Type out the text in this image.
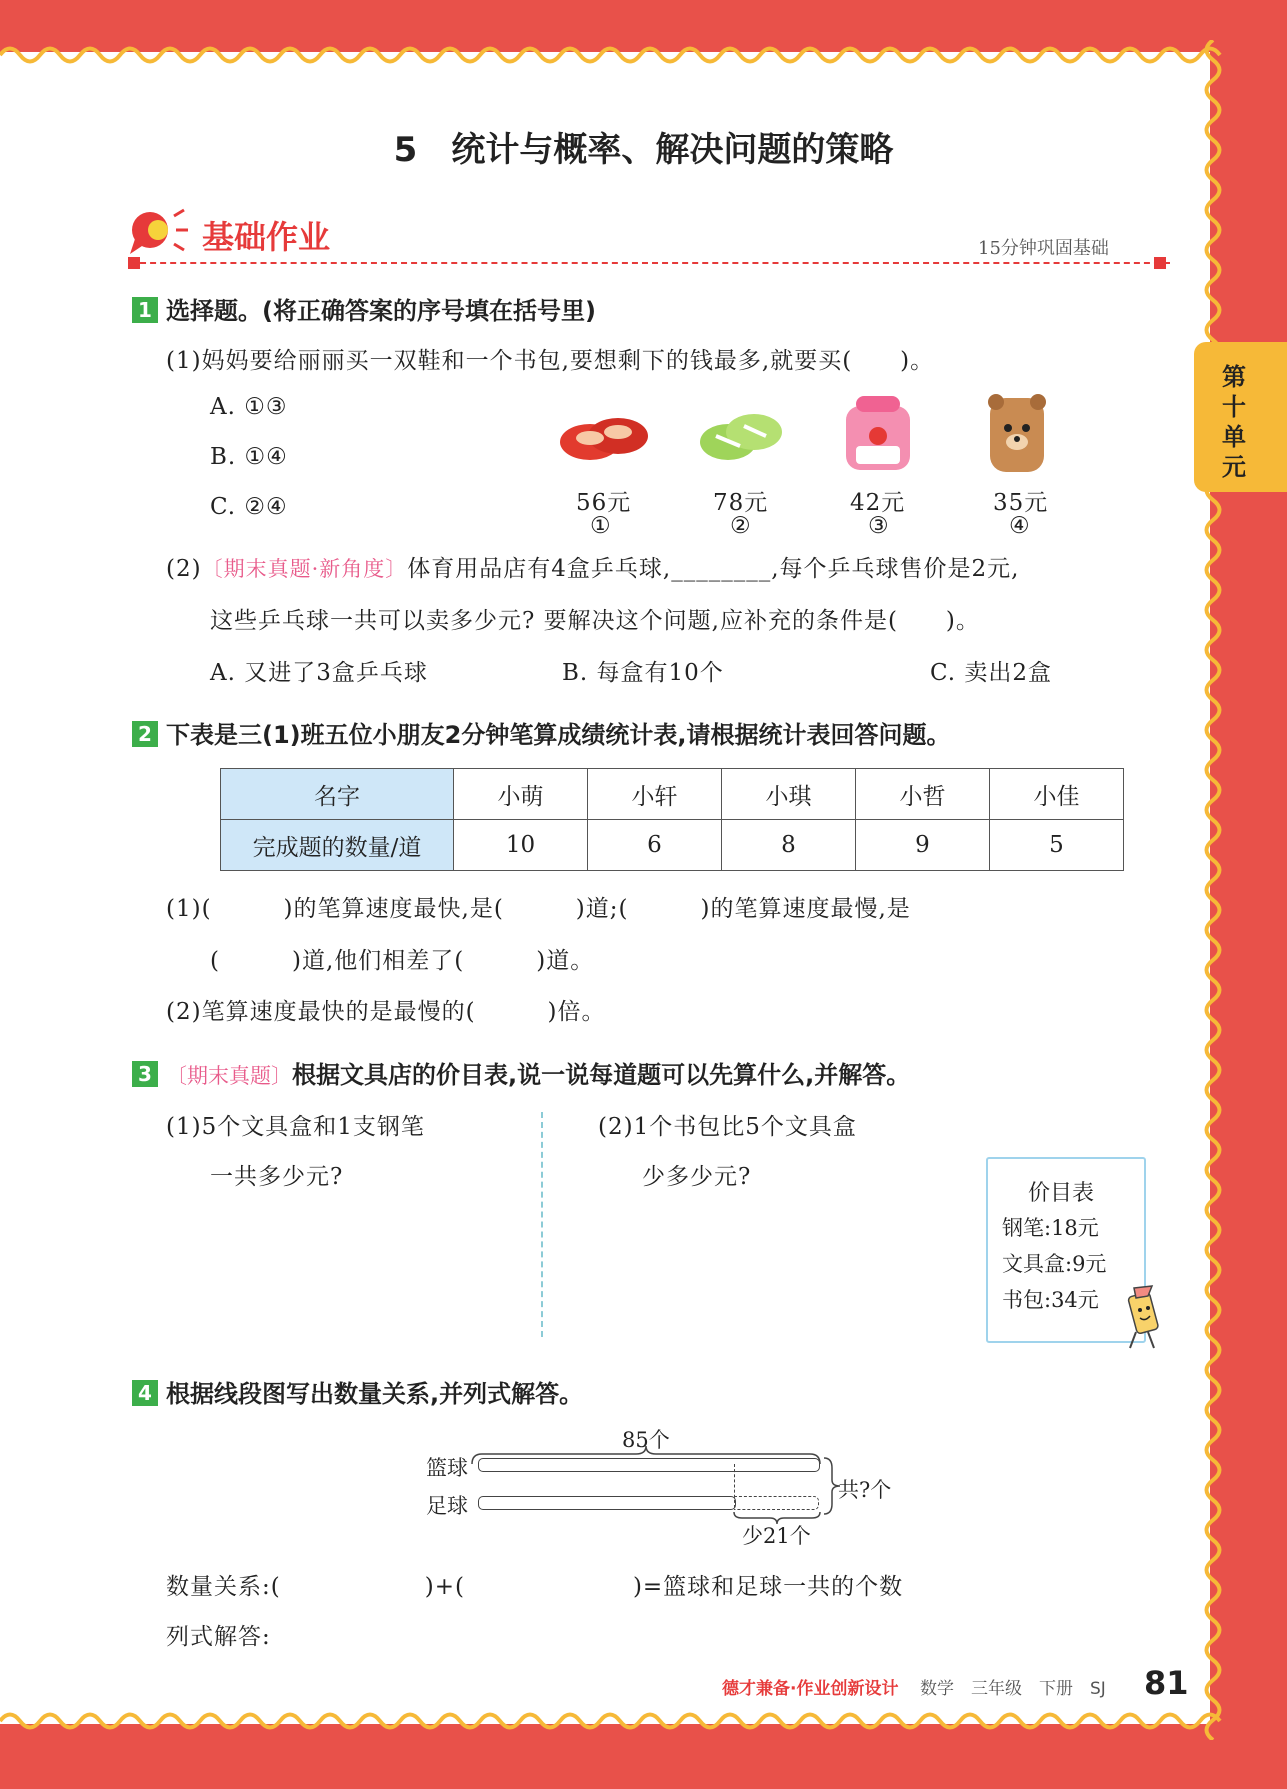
第十单元
5　统计与概率、解决问题的策略
基础作业	15分钟巩固基础
1 选择题。(将正确答案的序号填在括号里)
(1)妈妈要给丽丽买一双鞋和一个书包,要想剩下的钱最多,就要买(　　)。
A. ①③
B. ①④
C. ②④	56元	78元	42元	35元
①	②	③	④
(2)〔期末真题·新角度〕体育用品店有4盒乒乓球,________,每个乒乓球售价是2元,
这些乒乓球一共可以卖多少元? 要解决这个问题,应补充的条件是(　　)。
A. 又进了3盒乒乓球	B. 每盒有10个	C. 卖出2盒
2 下表是三(1)班五位小朋友2分钟笔算成绩统计表,请根据统计表回答问题。
名字	小萌	小轩	小琪	小哲	小佳
完成题的数量/道	10	6	8	9	5
(1)(　　　)的笔算速度最快,是(　　　)道;(　　　)的笔算速度最慢,是
(　　　)道,他们相差了(　　　)道。
(2)笔算速度最快的是最慢的(　　　)倍。
3 〔期末真题〕根据文具店的价目表,说一说每道题可以先算什么,并解答。
(1)5个文具盒和1支钢笔
一共多少元?
(2)1个书包比5个文具盒
少多少元?
价目表
钢笔:18元
文具盒:9元
书包:34元
4 根据线段图写出数量关系,并列式解答。
85个
篮球
足球
共?个
少21个
数量关系:(　　　　　　)+(　　　　　　　)=篮球和足球一共的个数
列式解答:
德才兼备·作业创新设计 数学　三年级　下册　SJ 81
